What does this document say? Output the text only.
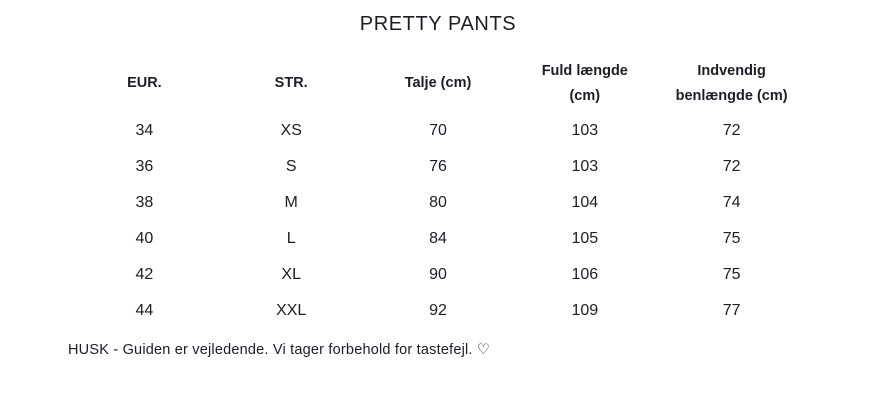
PRETTY PANTS
EUR.	STR.	Talje (cm)	Fuld længde (cm)	Indvendig benlængde (cm)
34	XS	70	103	72
36	S	76	103	72
38	M	80	104	74
40	L	84	105	75
42	XL	90	106	75
44	XXL	92	109	77

HUSK - Guiden er vejledende. Vi tager forbehold for tastefejl. ♡
